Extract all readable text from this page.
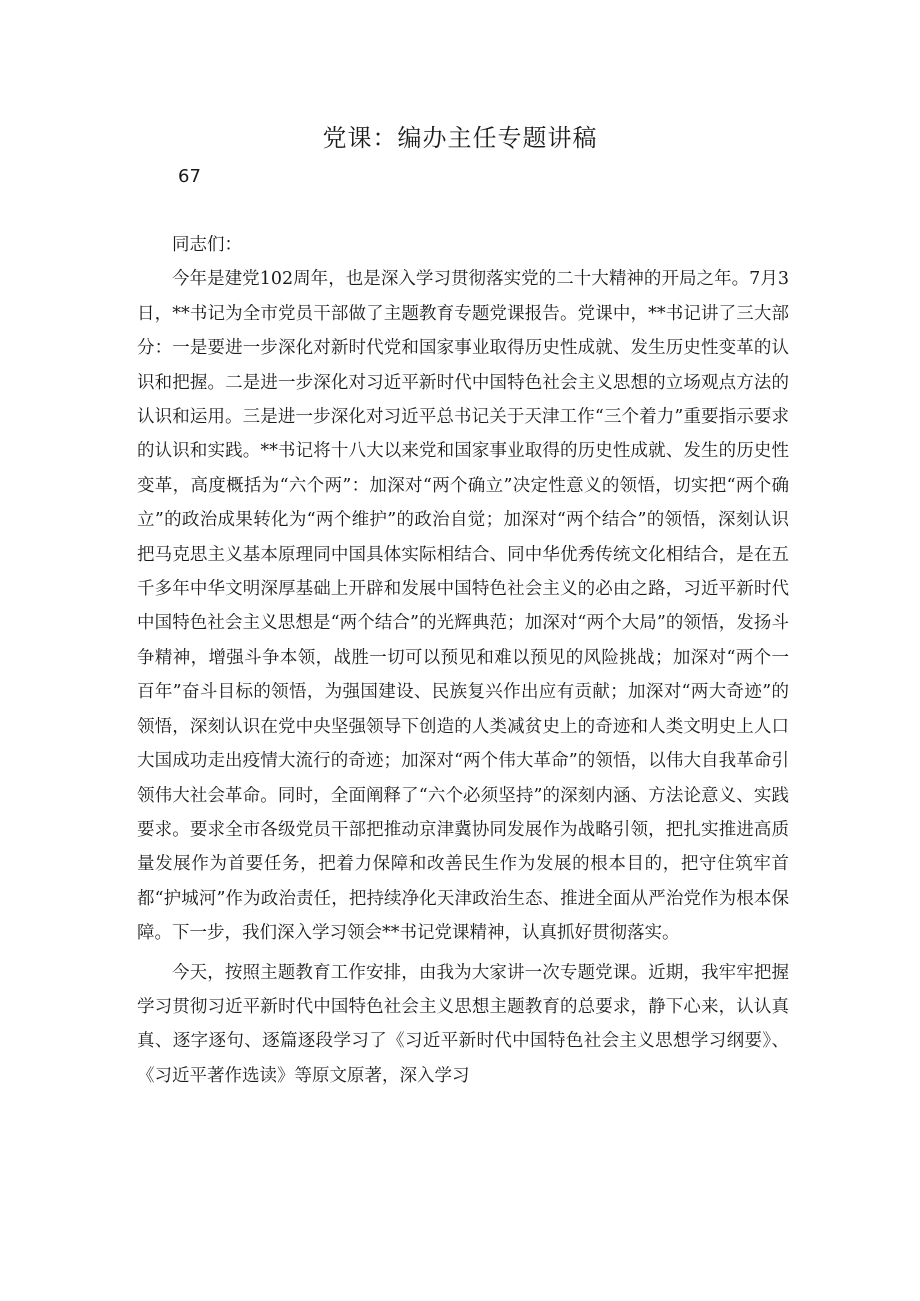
党课：编办主任专题讲稿
67

同志们：

今年是建党102周年，也是深入学习贯彻落实党的二十大精神的开局之年。7月3日，**书记为全市党员干部做了主题教育专题党课报告。党课中，**书记讲了三大部分：一是要进一步深化对新时代党和国家事业取得历史性成就、发生历史性变革的认识和把握。二是进一步深化对习近平新时代中国特色社会主义思想的立场观点方法的认识和运用。三是进一步深化对习近平总书记关于天津工作“三个着力”重要指示要求的认识和实践。**书记将十八大以来党和国家事业取得的历史性成就、发生的历史性变革，高度概括为“六个两”：加深对“两个确立”决定性意义的领悟，切实把“两个确立”的政治成果转化为“两个维护”的政治自觉；加深对“两个结合”的领悟，深刻认识把马克思主义基本原理同中国具体实际相结合、同中华优秀传统文化相结合，是在五千多年中华文明深厚基础上开辟和发展中国特色社会主义的必由之路，习近平新时代中国特色社会主义思想是“两个结合”的光辉典范；加深对“两个大局”的领悟，发扬斗争精神，增强斗争本领，战胜一切可以预见和难以预见的风险挑战；加深对“两个一百年”奋斗目标的领悟，为强国建设、民族复兴作出应有贡献；加深对“两大奇迹”的领悟，深刻认识在党中央坚强领导下创造的人类减贫史上的奇迹和人类文明史上人口大国成功走出疫情大流行的奇迹；加深对“两个伟大革命”的领悟，以伟大自我革命引领伟大社会革命。同时，全面阐释了“六个必须坚持”的深刻内涵、方法论意义、实践要求。要求全市各级党员干部把推动京津冀协同发展作为战略引领，把扎实推进高质量发展作为首要任务，把着力保障和改善民生作为发展的根本目的，把守住筑牢首都“护城河”作为政治责任，把持续净化天津政治生态、推进全面从严治党作为根本保障。下一步，我们深入学习领会**书记党课精神，认真抓好贯彻落实。

今天，按照主题教育工作安排，由我为大家讲一次专题党课。近期，我牢牢把握学习贯彻习近平新时代中国特色社会主义思想主题教育的总要求，静下心来，认认真真、逐字逐句、逐篇逐段学习了《习近平新时代中国特色社会主义思想学习纲要》、《习近平著作选读》等原文原著，深入学习
